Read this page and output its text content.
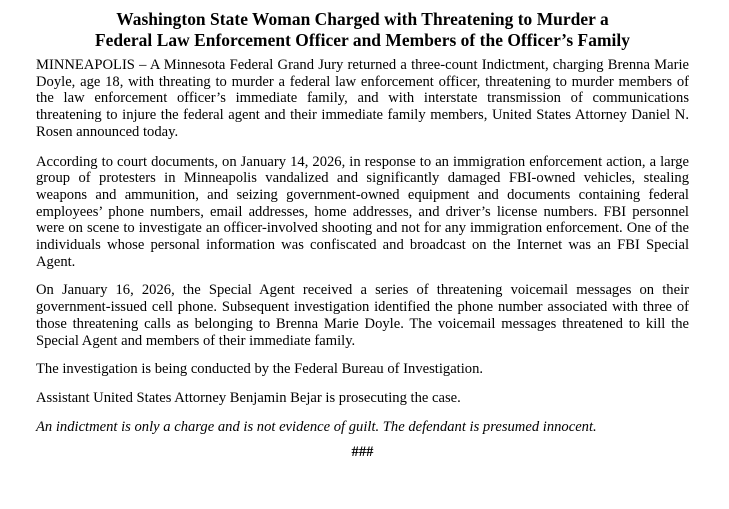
Washington State Woman Charged with Threatening to Murder a
Federal Law Enforcement Officer and Members of the Officer’s Family

MINNEAPOLIS – A Minnesota Federal Grand Jury returned a three-count Indictment, charging Brenna Marie Doyle, age 18, with threating to murder a federal law enforcement officer, threatening to murder members of the law enforcement officer’s immediate family, and with interstate transmission of communications threatening to injure the federal agent and their immediate family members, United States Attorney Daniel N. Rosen announced today.

According to court documents, on January 14, 2026, in response to an immigration enforcement action, a large group of protesters in Minneapolis vandalized and significantly damaged FBI-owned vehicles, stealing weapons and ammunition, and seizing government-owned equipment and documents containing federal employees’ phone numbers, email addresses, home addresses, and driver’s license numbers. FBI personnel were on scene to investigate an officer-involved shooting and not for any immigration enforcement. One of the individuals whose personal information was confiscated and broadcast on the Internet was an FBI Special Agent.

On January 16, 2026, the Special Agent received a series of threatening voicemail messages on their government-issued cell phone. Subsequent investigation identified the phone number associated with three of those threatening calls as belonging to Brenna Marie Doyle. The voicemail messages threatened to kill the Special Agent and members of their immediate family.

The investigation is being conducted by the Federal Bureau of Investigation.

Assistant United States Attorney Benjamin Bejar is prosecuting the case.

An indictment is only a charge and is not evidence of guilt. The defendant is presumed innocent.

###
